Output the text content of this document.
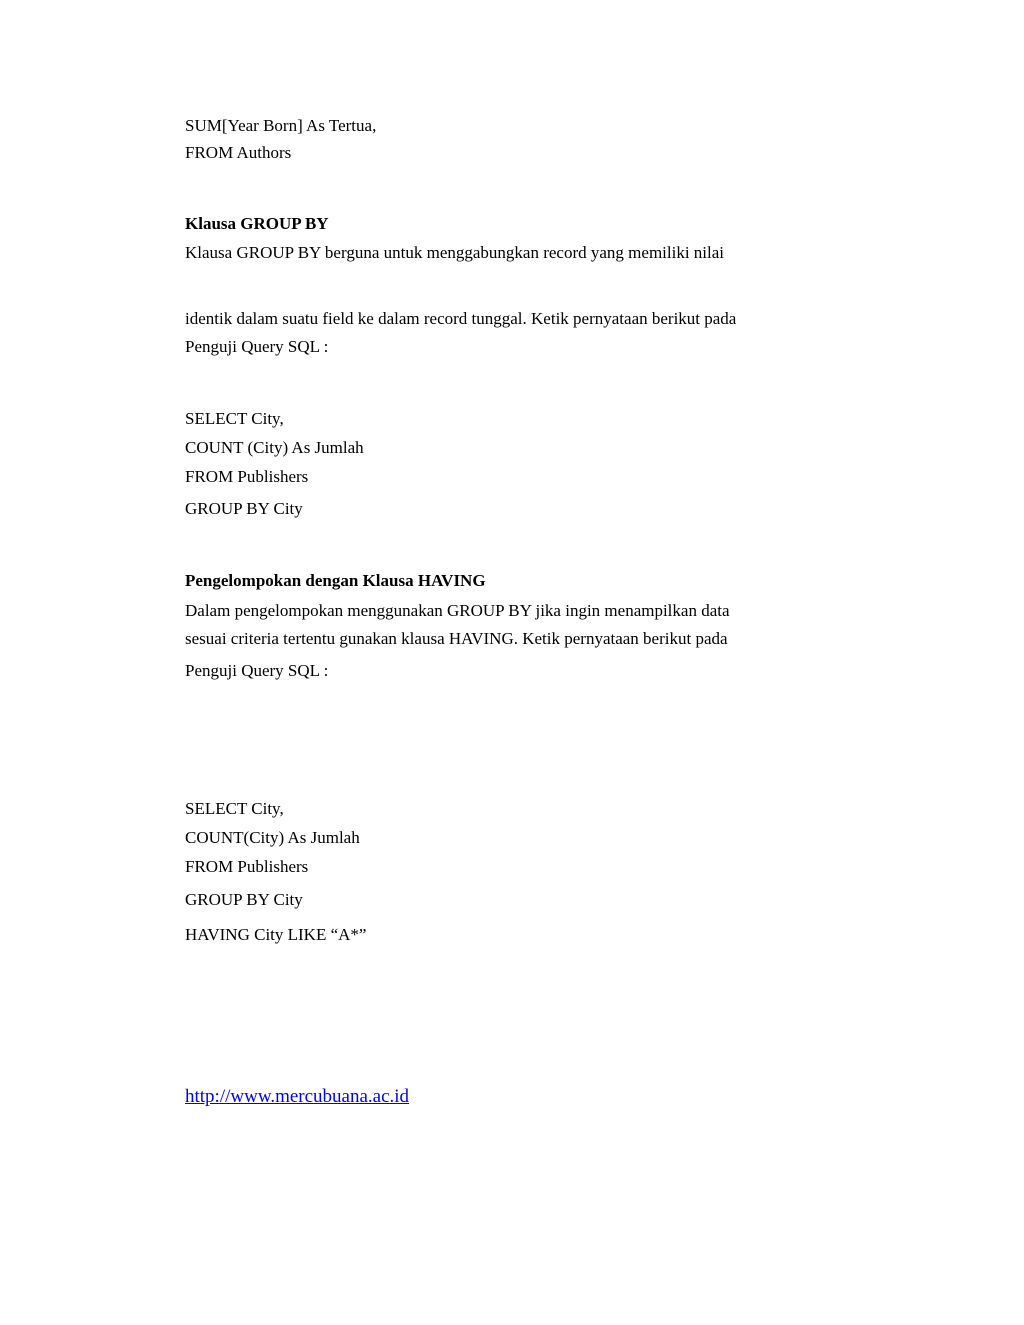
SUM[Year Born] As Tertua,
FROM Authors
Klausa GROUP BY
Klausa GROUP BY berguna untuk menggabungkan record yang memiliki nilai
identik dalam suatu field ke dalam record tunggal. Ketik pernyataan berikut pada
Penguji Query SQL :
SELECT City,
COUNT (City) As Jumlah
FROM Publishers
GROUP BY City
Pengelompokan dengan Klausa HAVING
Dalam pengelompokan menggunakan GROUP BY jika ingin menampilkan data
sesuai criteria tertentu gunakan klausa HAVING. Ketik pernyataan berikut pada
Penguji Query SQL :
SELECT City,
COUNT(City) As Jumlah
FROM Publishers
GROUP BY City
HAVING City LIKE “A*”
http://www.mercubuana.ac.id
